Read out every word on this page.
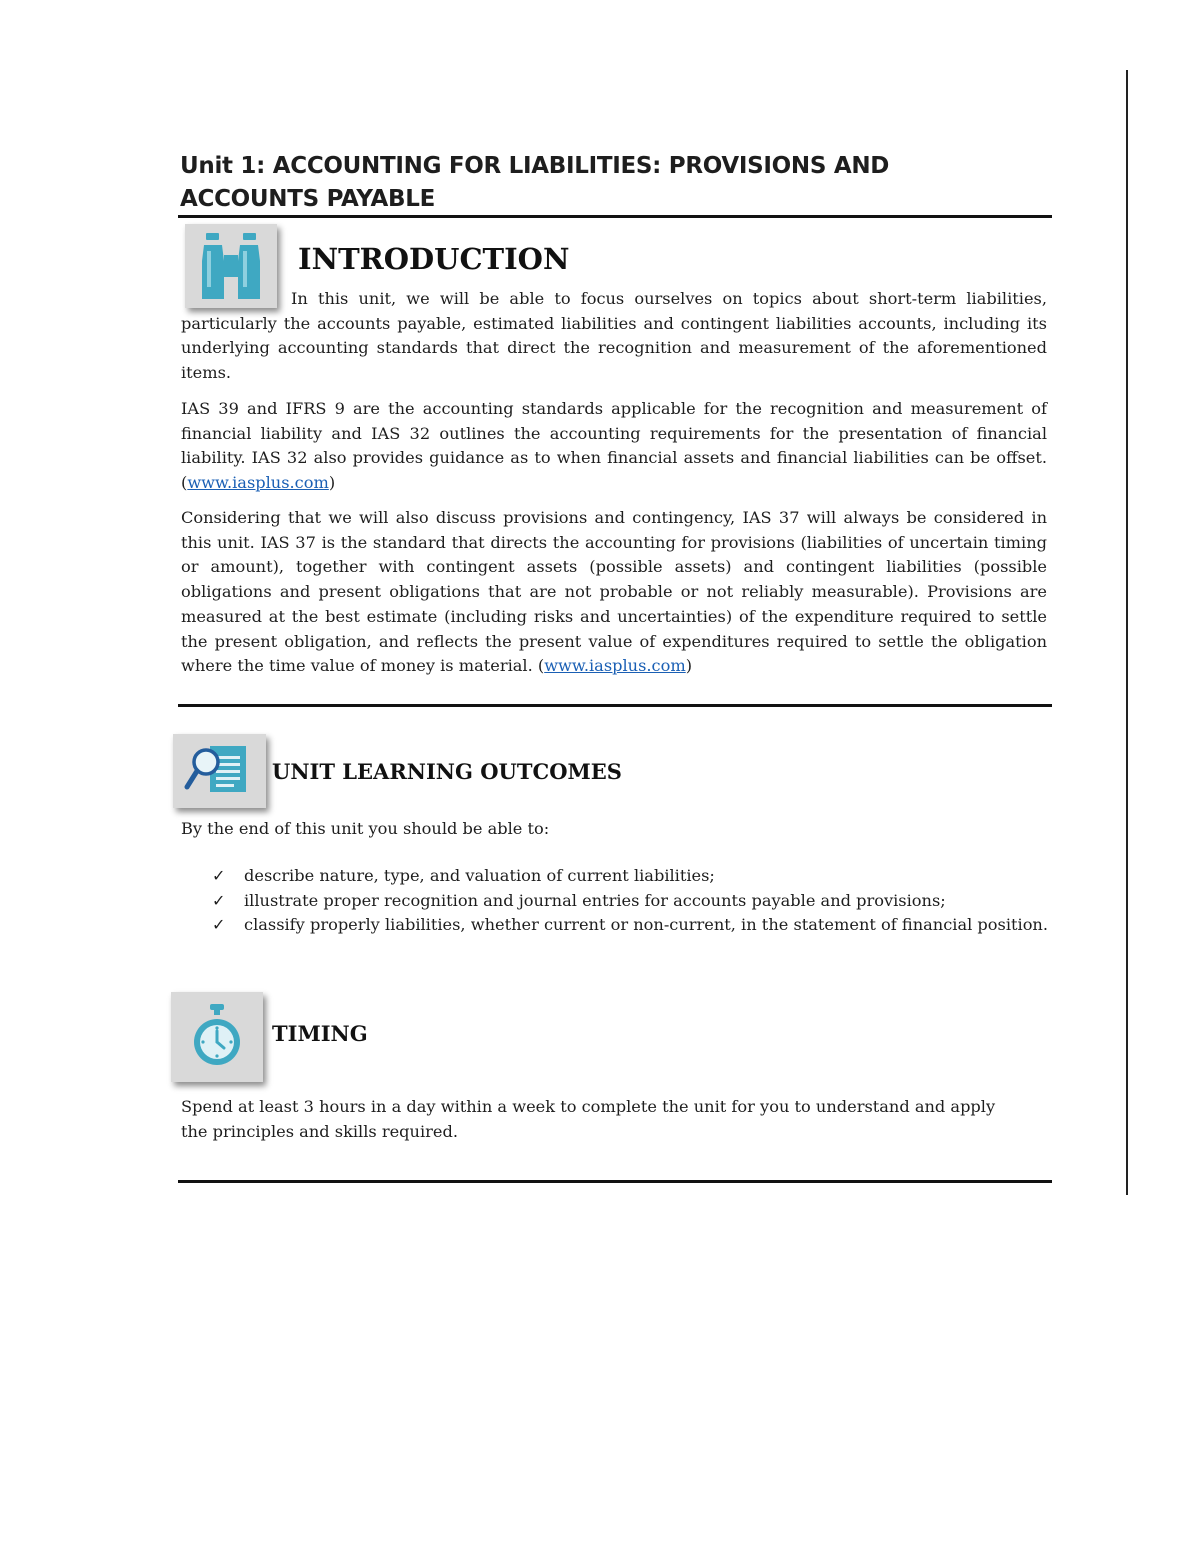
Unit 1: ACCOUNTING FOR LIABILITIES: PROVISIONS AND
ACCOUNTS PAYABLE
INTRODUCTION

In this unit, we will be able to focus ourselves on topics about short-term liabilities, particularly the accounts payable, estimated liabilities and contingent liabilities accounts, including its underlying accounting standards that direct the recognition and measurement of the aforementioned items.

IAS 39 and IFRS 9 are the accounting standards applicable for the recognition and measurement of financial liability and IAS 32 outlines the accounting requirements for the presentation of financial liability. IAS 32 also provides guidance as to when financial assets and financial liabilities can be offset. (www.iasplus.com)

Considering that we will also discuss provisions and contingency, IAS 37 will always be considered in this unit. IAS 37 is the standard that directs the accounting for provisions (liabilities of uncertain timing or amount), together with contingent assets (possible assets) and contingent liabilities (possible obligations and present obligations that are not probable or not reliably measurable). Provisions are measured at the best estimate (including risks and uncertainties) of the expenditure required to settle the present obligation, and reflects the present value of expenditures required to settle the obligation where the time value of money is material. (www.iasplus.com)

UNIT LEARNING OUTCOMES

By the end of this unit you should be able to:

✓ describe nature, type, and valuation of current liabilities;
✓ illustrate proper recognition and journal entries for accounts payable and provisions;
✓ classify properly liabilities, whether current or non-current, in the statement of financial position.
TIMING

Spend at least 3 hours in a day within a week to complete the unit for you to understand and apply the principles and skills required.
